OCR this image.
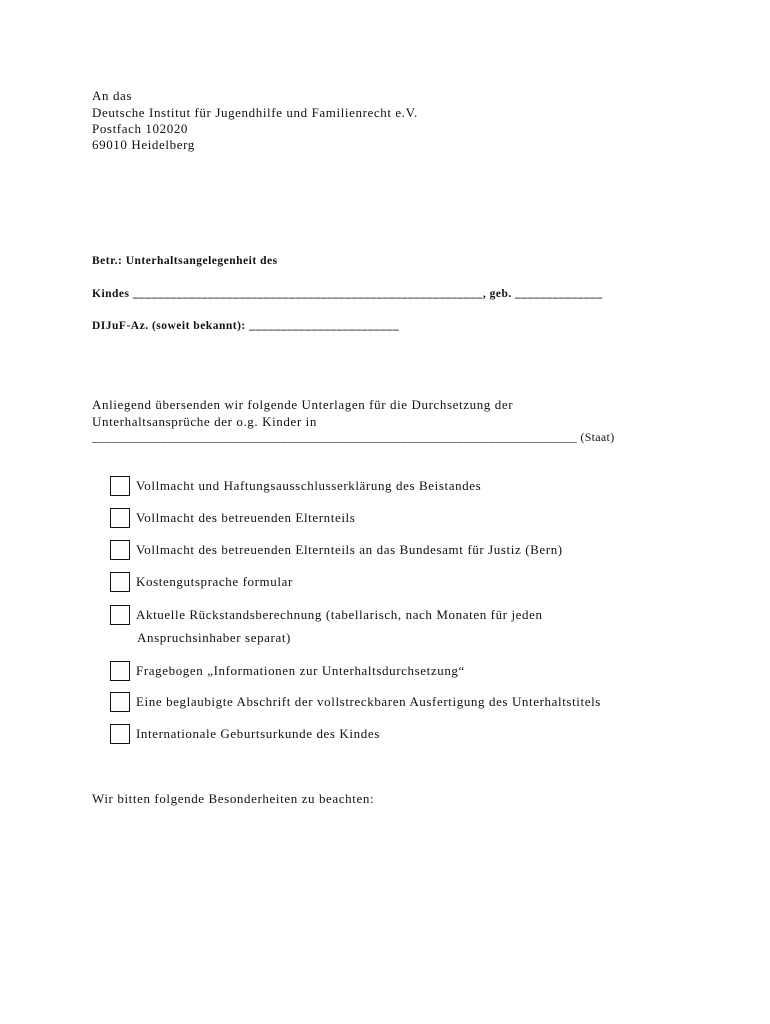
An das
Deutsche Institut für Jugendhilfe und Familienrecht e.V.
Postfach 102020
69010 Heidelberg
Betr.: Unterhaltsangelegenheit des
Kindes ________________________________________________________, geb. ______________
DIJuF-Az. (soweit bekannt): ________________________
Anliegend übersenden wir folgende Unterlagen für die Durchsetzung der
Unterhaltsansprüche der o.g. Kinder in
_____________________________________________________________________________ (Staat)
Vollmacht und Haftungsausschlusserklärung des Beistandes
Vollmacht des betreuenden Elternteils
Vollmacht des betreuenden Elternteils an das Bundesamt für Justiz (Bern)
Kostengutsprache formular
Aktuelle Rückstandsberechnung (tabellarisch, nach Monaten für jeden
Anspruchsinhaber separat)
Fragebogen „Informationen zur Unterhaltsdurchsetzung“
Eine beglaubigte Abschrift der vollstreckbaren Ausfertigung des Unterhaltstitels
Internationale Geburtsurkunde des Kindes
Wir bitten folgende Besonderheiten zu beachten:
